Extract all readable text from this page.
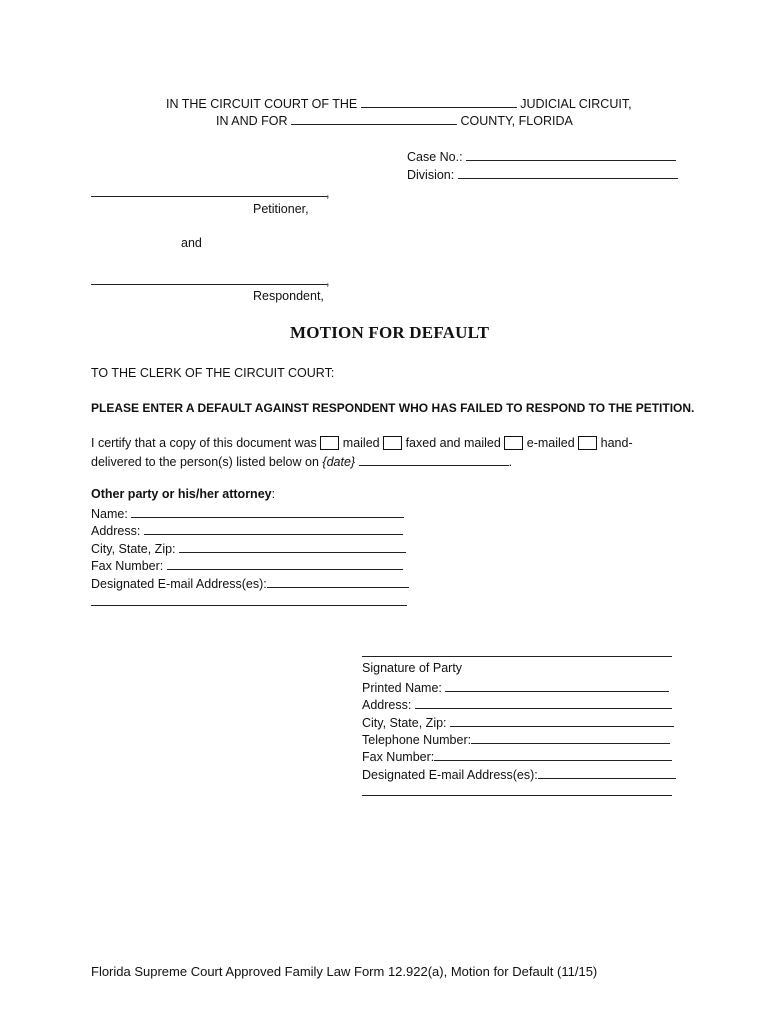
IN THE CIRCUIT COURT OF THE	JUDICIAL CIRCUIT,
IN AND FOR	COUNTY, FLORIDA
Case No.:
Division:
,
Petitioner,
and
,
Respondent,
MOTION FOR DEFAULT
TO THE CLERK OF THE CIRCUIT COURT:
PLEASE ENTER A DEFAULT AGAINST RESPONDENT WHO HAS FAILED TO RESPOND TO THE PETITION.
I certify that a copy of this document was mailed faxed and mailed e-mailed hand-
delivered to the person(s) listed below on {date}	.
Other party or his/her attorney:
Name:
Address:
City, State, Zip:
Fax Number:
Designated E-mail Address(es):
Signature of Party
Printed Name:
Address:
City, State, Zip:
Telephone Number:
Fax Number:
Designated E-mail Address(es):
Florida Supreme Court Approved Family Law Form 12.922(a), Motion for Default (11/15)
